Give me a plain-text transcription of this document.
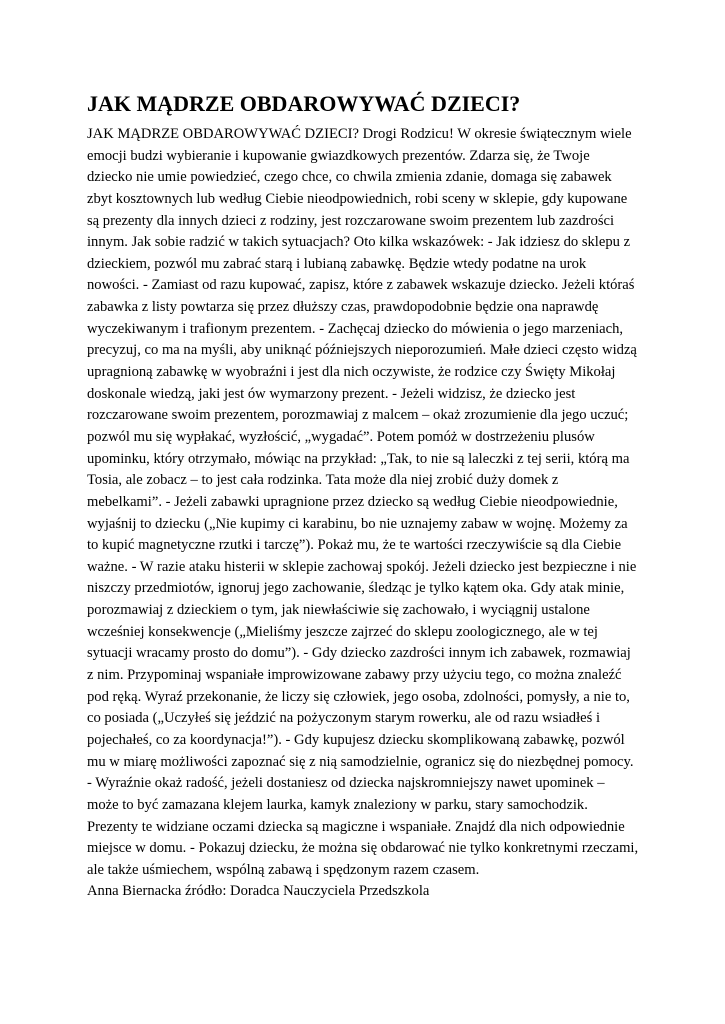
JAK MĄDRZE OBDAROWYWAĆ DZIECI?
JAK MĄDRZE OBDAROWYWAĆ DZIECI? Drogi Rodzicu! W okresie świątecznym wiele
emocji budzi wybieranie i kupowanie gwiazdkowych prezentów. Zdarza się, że Twoje
dziecko nie umie powiedzieć, czego chce, co chwila zmienia zdanie, domaga się zabawek
zbyt kosztownych lub według Ciebie nieodpowiednich, robi sceny w sklepie, gdy kupowane
są prezenty dla innych dzieci z rodziny, jest rozczarowane swoim prezentem lub zazdrości
innym. Jak sobie radzić w takich sytuacjach? Oto kilka wskazówek: - Jak idziesz do sklepu z
dzieckiem, pozwól mu zabrać starą i lubianą zabawkę. Będzie wtedy podatne na urok
nowości. - Zamiast od razu kupować, zapisz, które z zabawek wskazuje dziecko. Jeżeli któraś
zabawka z listy powtarza się przez dłuższy czas, prawdopodobnie będzie ona naprawdę
wyczekiwanym i trafionym prezentem. - Zachęcaj dziecko do mówienia o jego marzeniach,
precyzuj, co ma na myśli, aby uniknąć późniejszych nieporozumień. Małe dzieci często widzą
upragnioną zabawkę w wyobraźni i jest dla nich oczywiste, że rodzice czy Święty Mikołaj
doskonale wiedzą, jaki jest ów wymarzony prezent. - Jeżeli widzisz, że dziecko jest
rozczarowane swoim prezentem, porozmawiaj z malcem – okaż zrozumienie dla jego uczuć;
pozwól mu się wypłakać, wyzłościć, „wygadać”. Potem pomóż w dostrzeżeniu plusów
upominku, który otrzymało, mówiąc na przykład: „Tak, to nie są laleczki z tej serii, którą ma
Tosia, ale zobacz – to jest cała rodzinka. Tata może dla niej zrobić duży domek z
mebelkami”. - Jeżeli zabawki upragnione przez dziecko są według Ciebie nieodpowiednie,
wyjaśnij to dziecku („Nie kupimy ci karabinu, bo nie uznajemy zabaw w wojnę. Możemy za
to kupić magnetyczne rzutki i tarczę”). Pokaż mu, że te wartości rzeczywiście są dla Ciebie
ważne. - W razie ataku histerii w sklepie zachowaj spokój. Jeżeli dziecko jest bezpieczne i nie
niszczy przedmiotów, ignoruj jego zachowanie, śledząc je tylko kątem oka. Gdy atak minie,
porozmawiaj z dzieckiem o tym, jak niewłaściwie się zachowało, i wyciągnij ustalone
wcześniej konsekwencje („Mieliśmy jeszcze zajrzeć do sklepu zoologicznego, ale w tej
sytuacji wracamy prosto do domu”). - Gdy dziecko zazdrości innym ich zabawek, rozmawiaj
z nim. Przypominaj wspaniałe improwizowane zabawy przy użyciu tego, co można znaleźć
pod ręką. Wyraź przekonanie, że liczy się człowiek, jego osoba, zdolności, pomysły, a nie to,
co posiada („Uczyłeś się jeździć na pożyczonym starym rowerku, ale od razu wsiadłeś i
pojechałeś, co za koordynacja!”). - Gdy kupujesz dziecku skomplikowaną zabawkę, pozwól
mu w miarę możliwości zapoznać się z nią samodzielnie, ogranicz się do niezbędnej pomocy.
- Wyraźnie okaż radość, jeżeli dostaniesz od dziecka najskromniejszy nawet upominek –
może to być zamazana klejem laurka, kamyk znaleziony w parku, stary samochodzik.
Prezenty te widziane oczami dziecka są magiczne i wspaniałe. Znajdź dla nich odpowiednie
miejsce w domu. - Pokazuj dziecku, że można się obdarować nie tylko konkretnymi rzeczami,
ale także uśmiechem, wspólną zabawą i spędzonym razem czasem.
Anna Biernacka źródło: Doradca Nauczyciela Przedszkola
